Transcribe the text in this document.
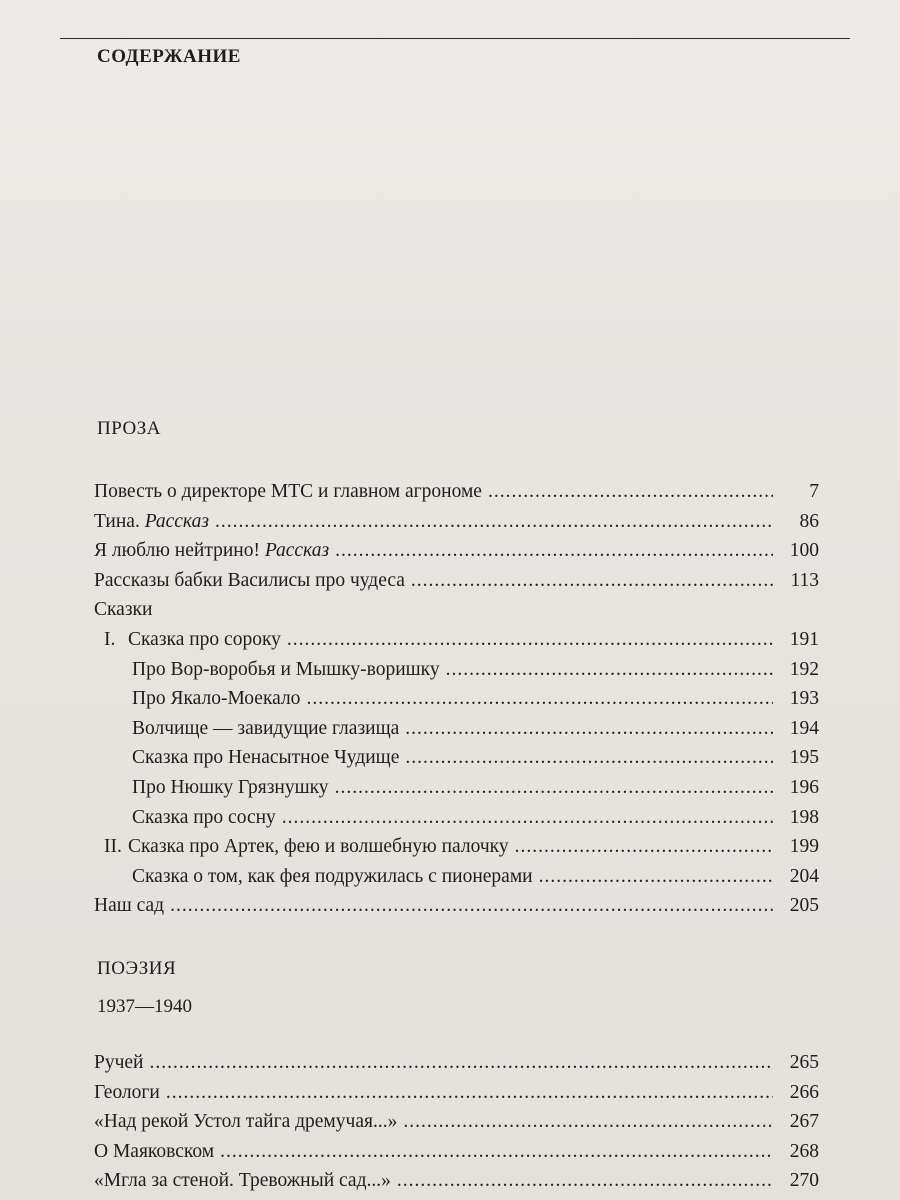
СОДЕРЖАНИЕ
ПРОЗА
Повесть о директоре МТС и главном агрономе .....	7
Тина. Рассказ .....	86
Я люблю нейтрино! Рассказ .....	100
Рассказы бабки Василисы про чудеса .....	113
Сказки
I. Сказка про сороку .....	191
Про Вор-воробья и Мышку-воришку .....	192
Про Якало-Моекало .....	193
Волчище — завидущие глазища .....	194
Сказка про Ненасытное Чудище .....	195
Про Нюшку Грязнушку .....	196
Сказка про сосну .....	198
II. Сказка про Артек, фею и волшебную палочку .....	199
Сказка о том, как фея подружилась с пионерами .....	204
Наш сад .....	205
ПОЭЗИЯ
1937—1940
Ручей .....	265
Геологи .....	266
«Над рекой Устол тайга дремучая...» .....	267
О Маяковском .....	268
«Мгла за стеной. Тревожный сад...» .....	270
